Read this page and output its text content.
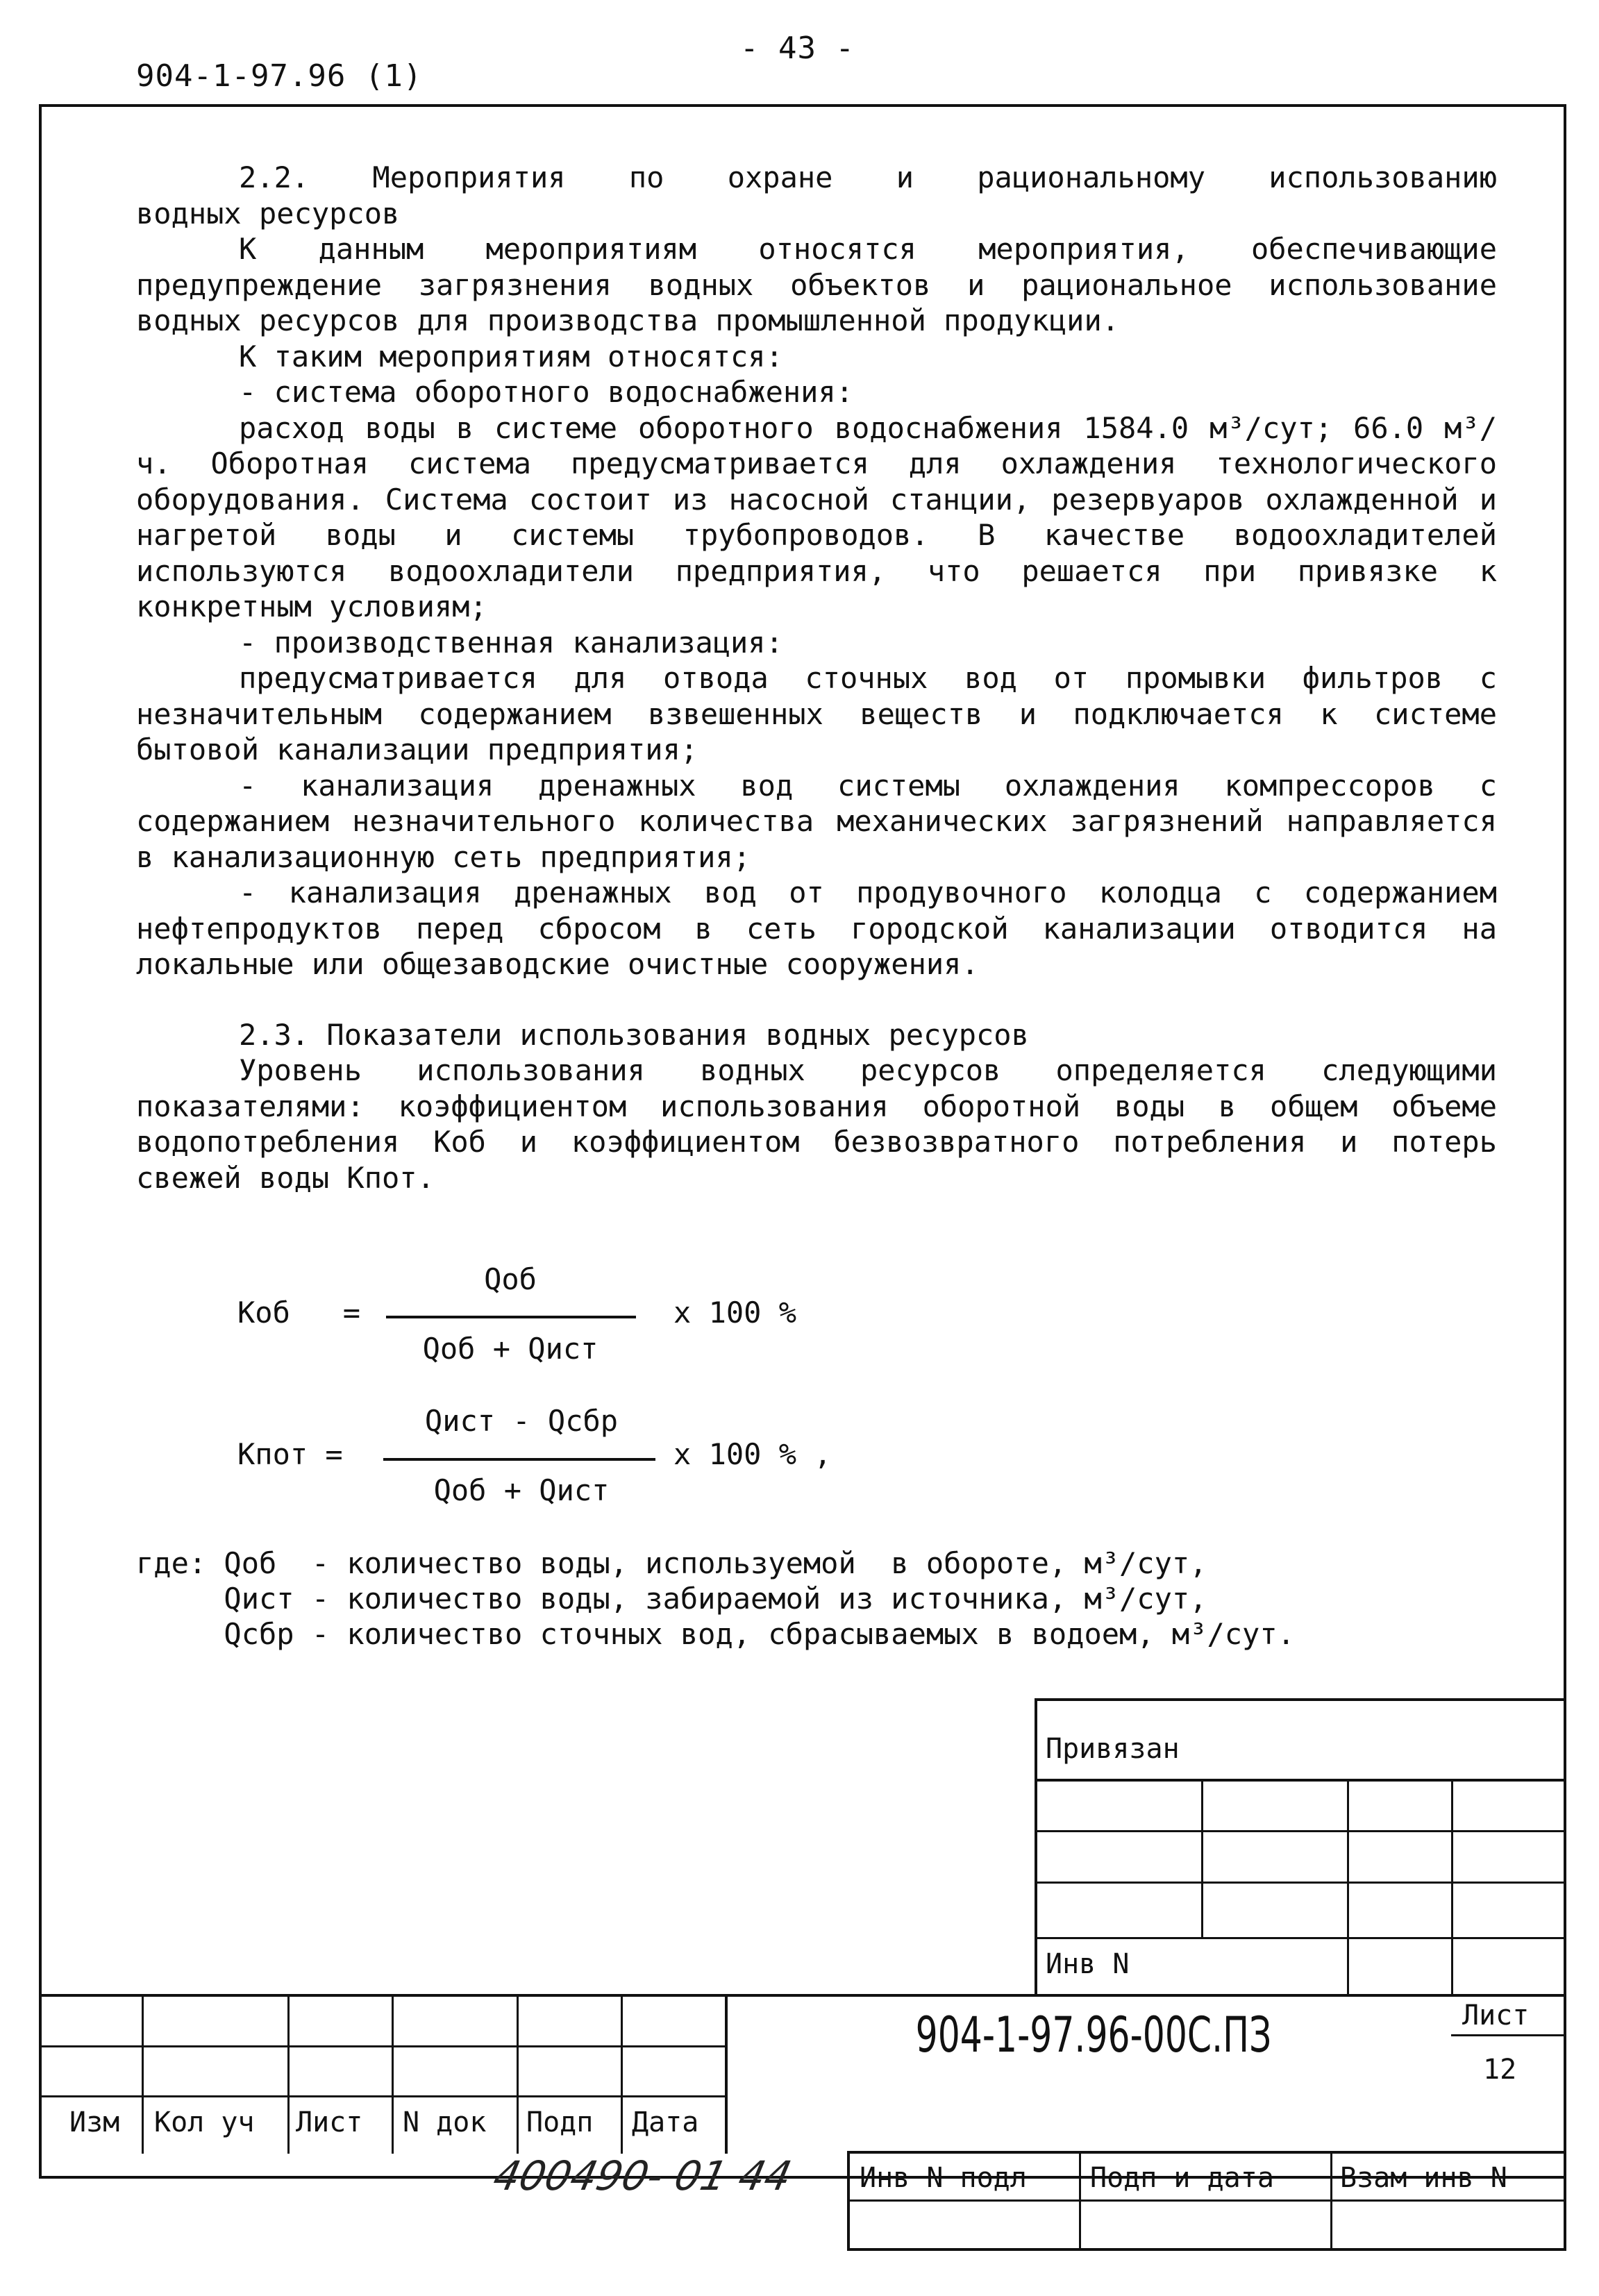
- 43 -
904-1-97.96 (1)

2.2. Мероприятия по охране и рациональному использованию

водных ресурсов

К данным мероприятиям относятся мероприятия, обеспечивающие предупреждение загрязнения водных объектов и рациональное использование водных ресурсов для производства промышленной продукции.

К таким мероприятиям относятся:

- система оборотного водоснабжения:

расход воды в системе оборотного водоснабжения 1584.0 м³/сут; 66.0 м³/ч. Оборотная система предусматривается для охлаждения технологического оборудования. Система состоит из насосной станции, резервуаров охлажденной и нагретой воды и системы трубопроводов. В качестве водоохладителей используются водоохладители предприятия, что решается при привязке к конкретным условиям;

- производственная канализация:

предусматривается для отвода сточных вод от промывки фильтров с незначительным содержанием взвешенных веществ и подключается к системе бытовой канализации предприятия;

- канализация дренажных вод системы охлаждения компрессоров с содержанием незначительного количества механических загрязнений направляется в канализационную сеть предприятия;

- канализация дренажных вод от продувочного колодца с содержанием нефтепродуктов перед сбросом в сеть городской канализации отводится на локальные или общезаводские очистные сооружения.

2.3. Показатели использования водных ресурсов

Уровень использования водных ресурсов определяется следующими показателями: коэффициентом использования оборотной воды в общем объеме водопотребления Коб и коэффициентом безвозвратного потребления и потерь свежей воды Кпот.

Коб   =
Qоб
Qоб + Qист
x 100 %
Кпот =
Qист - Qсбр
Qоб + Qист
x 100 % ,
где: Qоб  - количество воды, используемой  в обороте, м³/сут,
Qист - количество воды, забираемой из источника, м³/сут,
Qсбр - количество сточных вод, сбрасываемых в водоем, м³/сут.
Привязан
Инв N
Изм Кол уч Лист N док Подп Дата
904-1-97.96-00С.ПЗ	Лист
12
Инв N подл Подп и дата Взам инв N
400490- 01 44
